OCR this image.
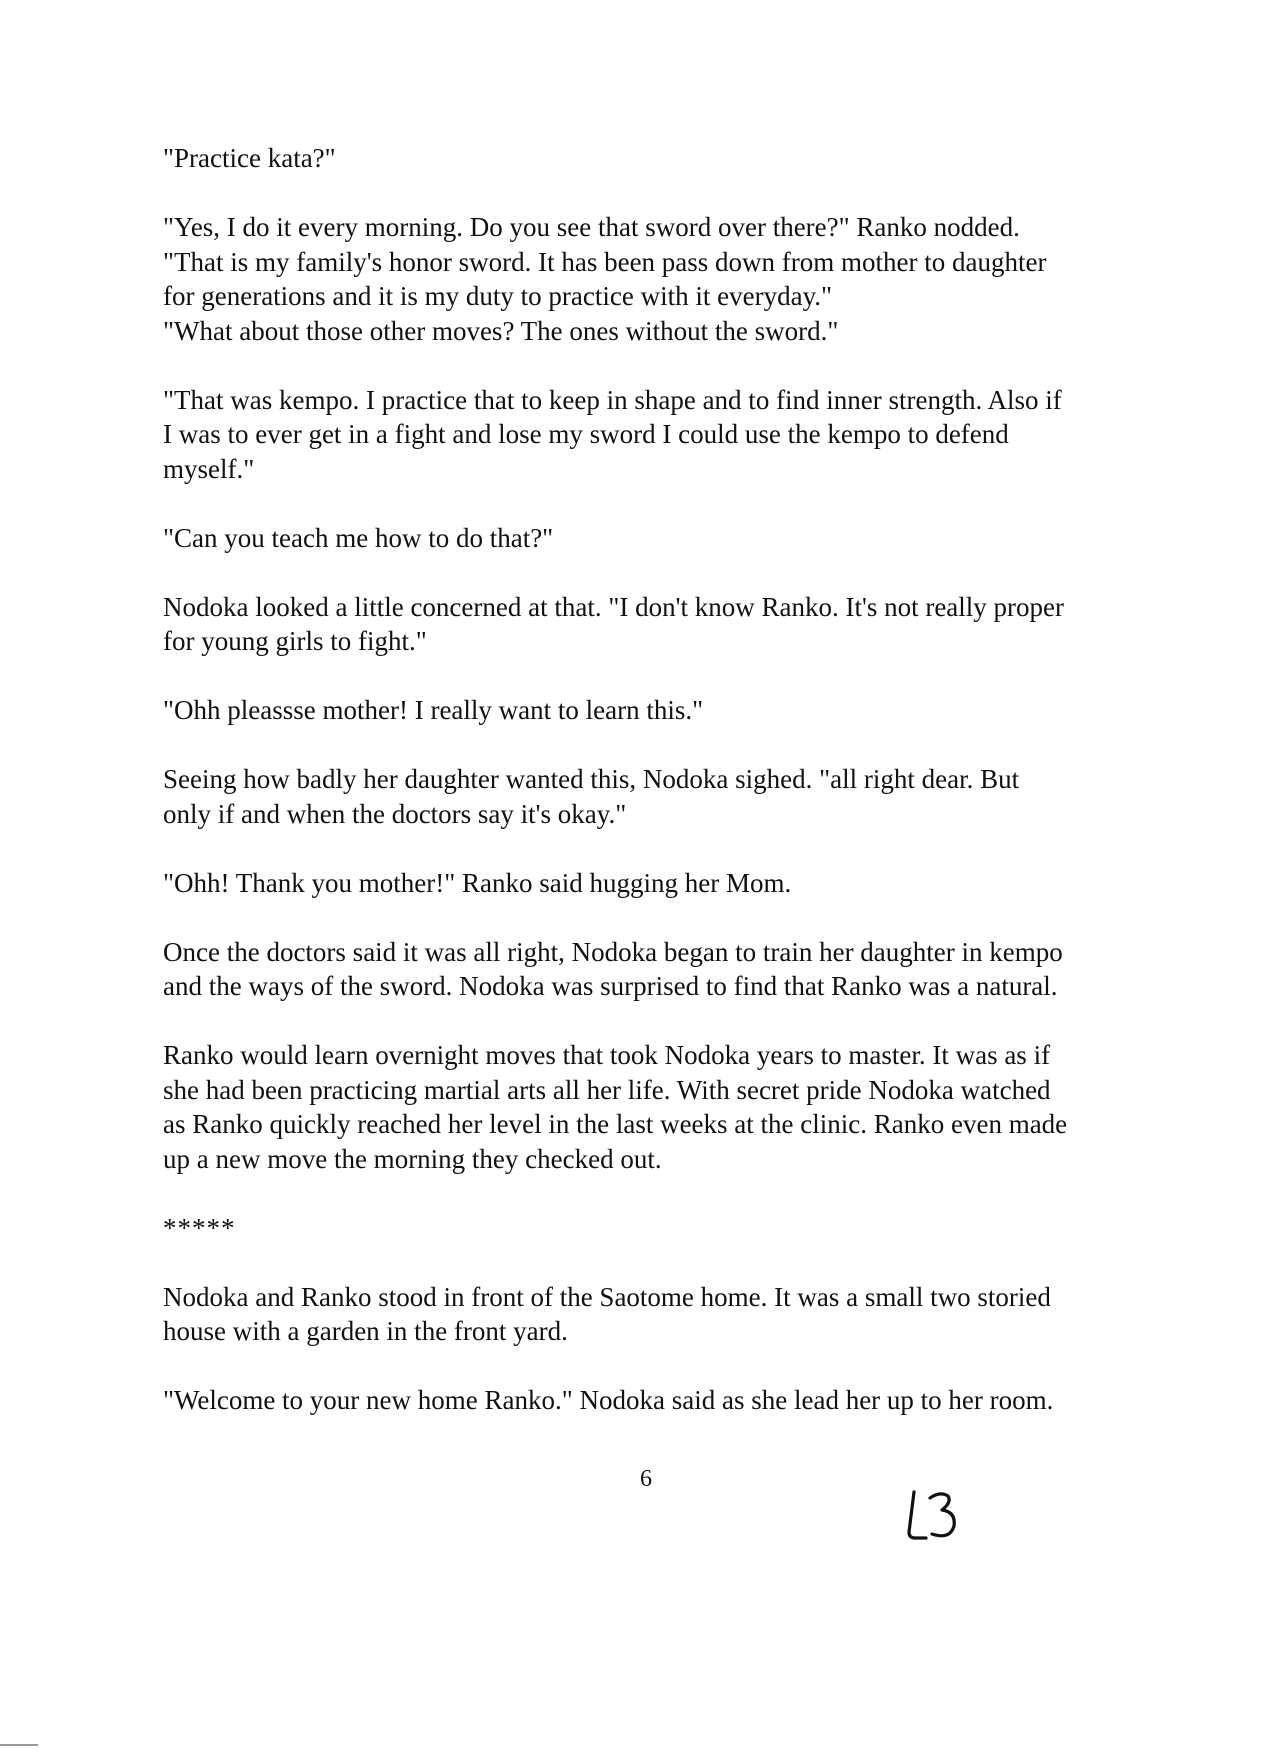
"Practice kata?"

"Yes, I do it every morning. Do you see that sword over there?" Ranko nodded.
"That is my family's honor sword. It has been pass down from mother to daughter
for generations and it is my duty to practice with it everyday."

"What about those other moves? The ones without the sword."

"That was kempo. I practice that to keep in shape and to find inner strength. Also if
I was to ever get in a fight and lose my sword I could use the kempo to defend
myself."

"Can you teach me how to do that?"

Nodoka looked a little concerned at that. "I don't know Ranko. It's not really proper
for young girls to fight."

"Ohh pleassse mother! I really want to learn this."

Seeing how badly her daughter wanted this, Nodoka sighed. "all right dear. But
only if and when the doctors say it's okay."

"Ohh! Thank you mother!" Ranko said hugging her Mom.

Once the doctors said it was all right, Nodoka began to train her daughter in kempo
and the ways of the sword. Nodoka was surprised to find that Ranko was a natural.

Ranko would learn overnight moves that took Nodoka years to master. It was as if
she had been practicing martial arts all her life. With secret pride Nodoka watched
as Ranko quickly reached her level in the last weeks at the clinic. Ranko even made
up a new move the morning they checked out.

*****

Nodoka and Ranko stood in front of the Saotome home. It was a small two storied
house with a garden in the front yard.

"Welcome to your new home Ranko." Nodoka said as she lead her up to her room.

6
